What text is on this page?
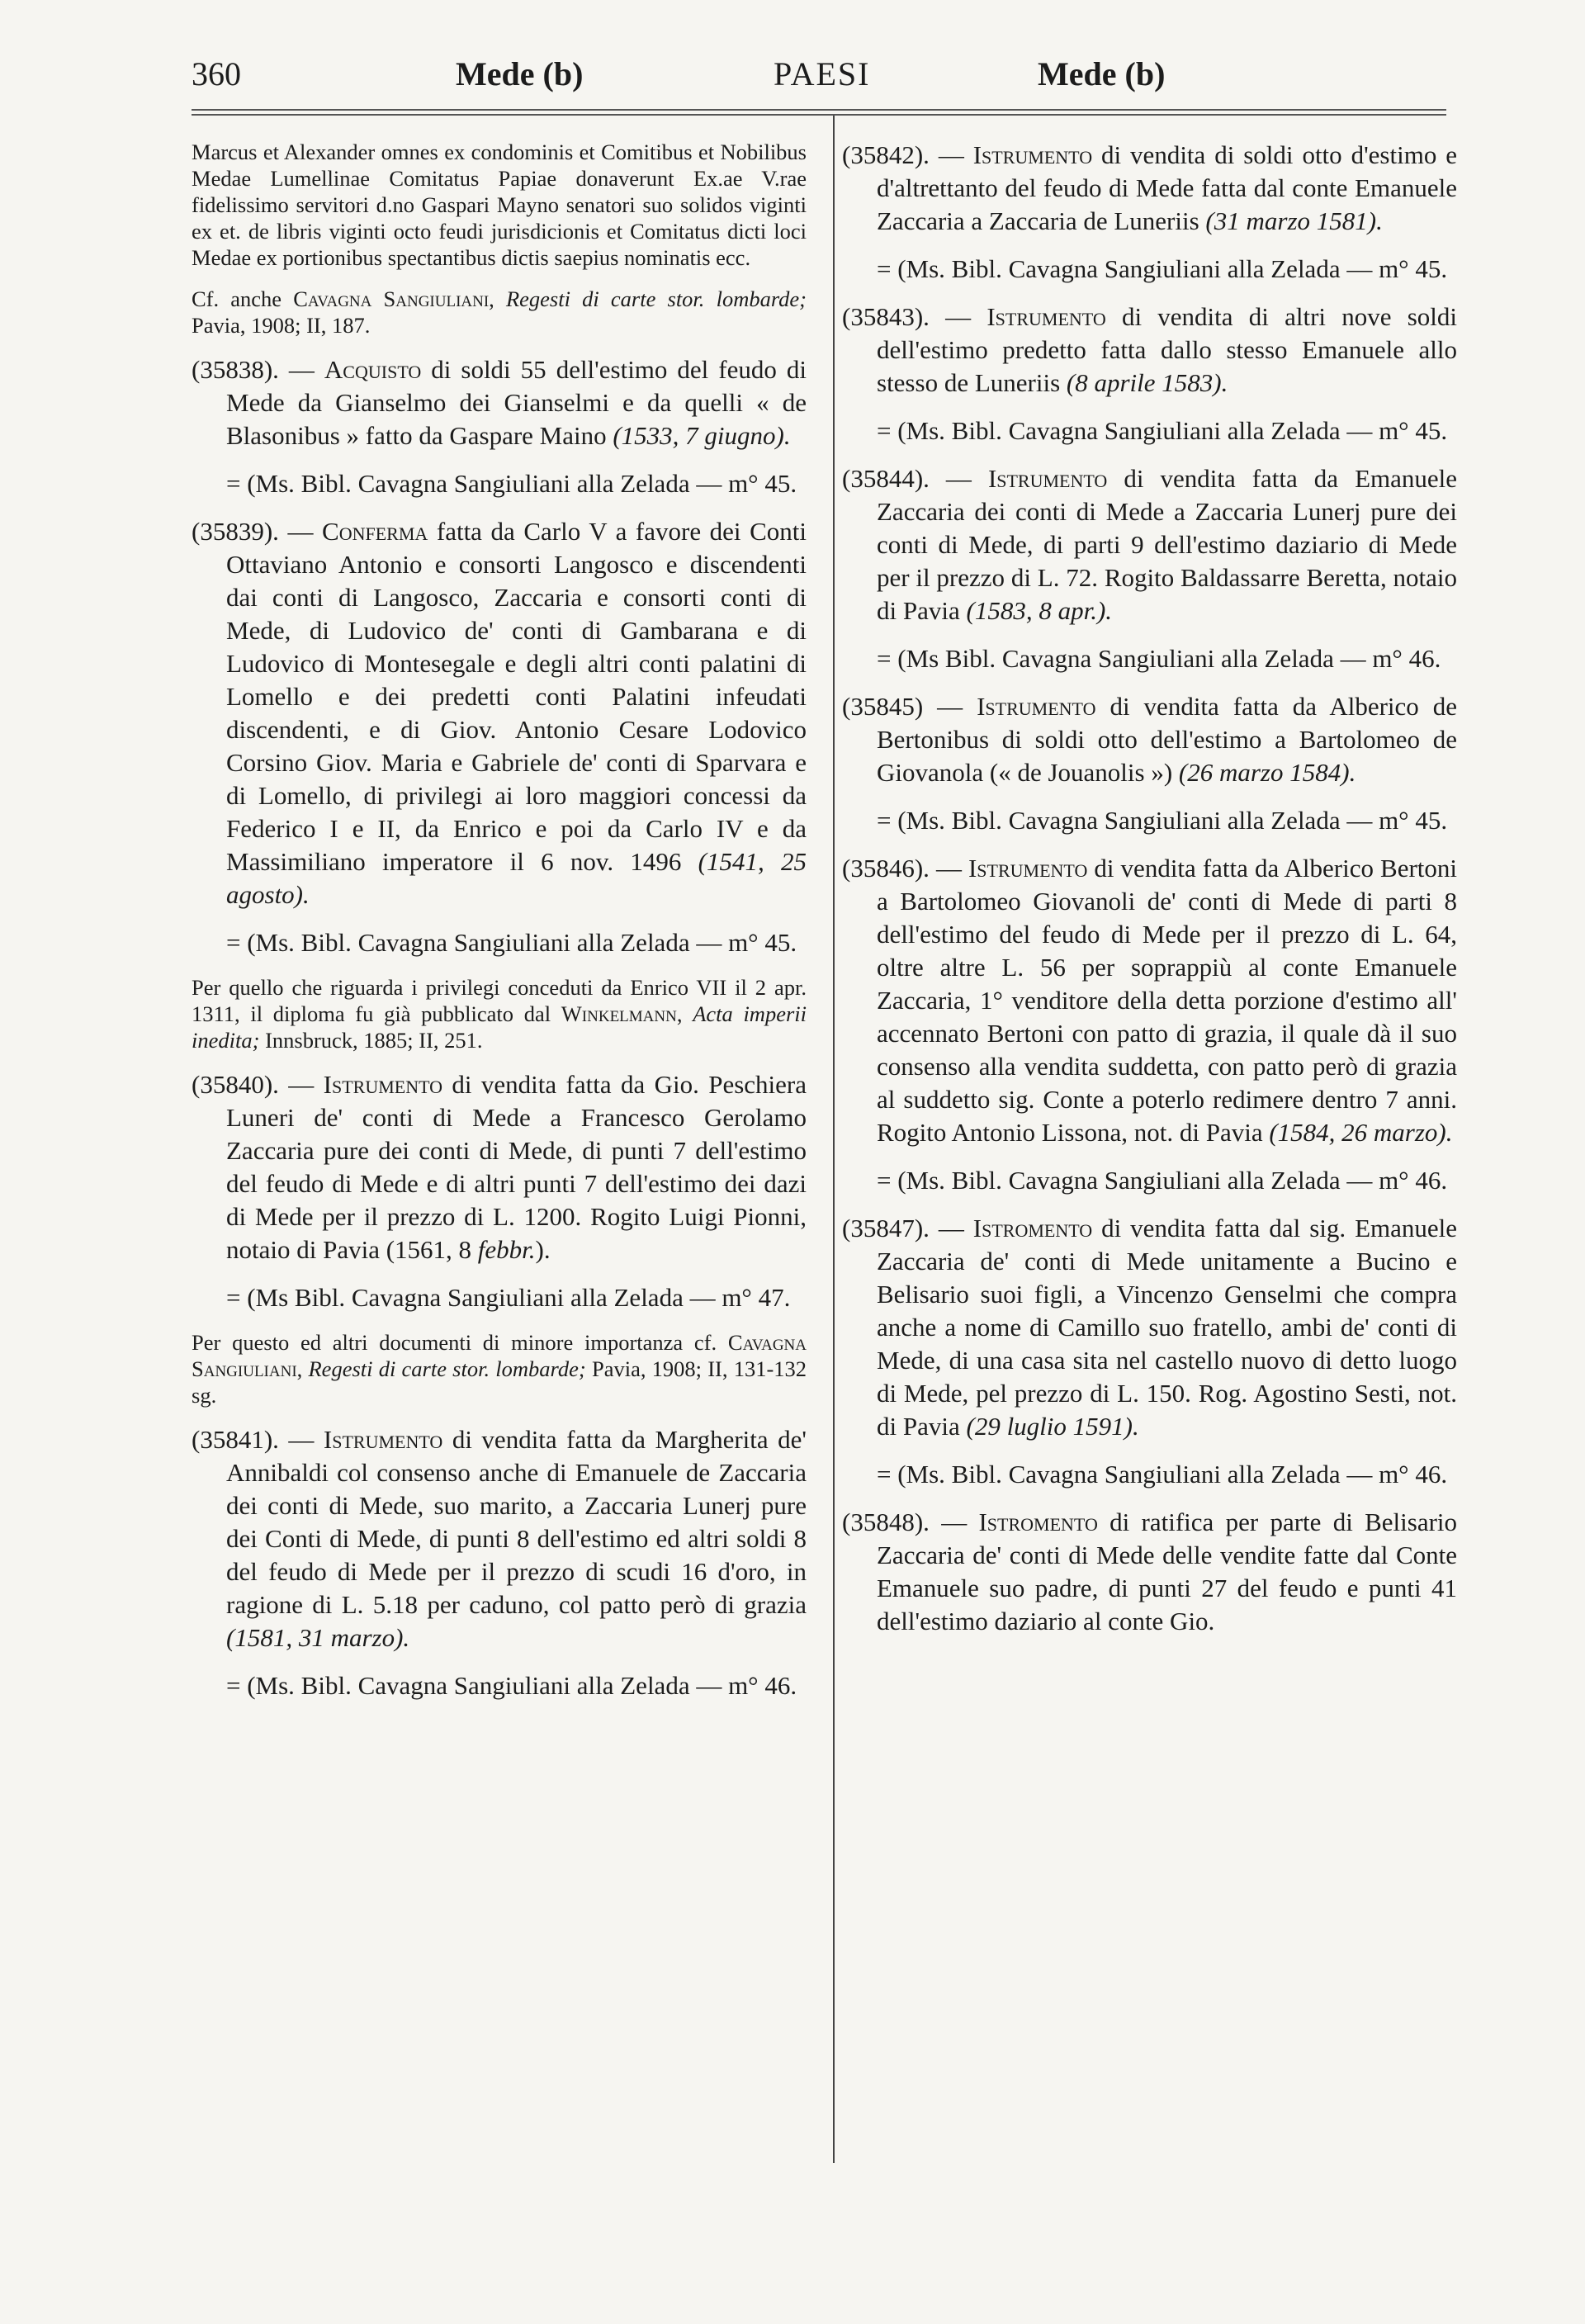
360	Mede (b)	PAESI	Mede (b)

Marcus et Alexander omnes ex condominis et Comitibus et Nobilibus Medae Lumellinae Comitatus Papiae donaverunt Ex.ae V.rae fidelissimo servitori d.no Gaspari Mayno senatori suo solidos viginti ex et. de libris viginti octo feudi jurisdicionis et Comitatus dicti loci Medae ex portionibus spectantibus dictis saepius nominatis ecc.

Cf. anche Cavagna Sangiuliani, Regesti di carte stor. lombarde; Pavia, 1908; II, 187.

(35838). — Acquisto di soldi 55 dell'estimo del feudo di Mede da Gianselmo dei Gianselmi e da quelli « de Blasonibus » fatto da Gaspare Maino (1533, 7 giugno).

= (Ms. Bibl. Cavagna Sangiuliani alla Zelada — m° 45.

(35839). — Conferma fatta da Carlo V a favore dei Conti Ottaviano Antonio e consorti Langosco e discendenti dai conti di Langosco, Zaccaria e consorti conti di Mede, di Ludovico de' conti di Gambarana e di Ludovico di Montesegale e degli altri conti palatini di Lomello e dei predetti conti Palatini infeudati discendenti, e di Giov. Antonio Cesare Lodovico Corsino Giov. Maria e Gabriele de' conti di Sparvara e di Lomello, di privilegi ai loro maggiori concessi da Federico I e II, da Enrico e poi da Carlo IV e da Massimiliano imperatore il 6 nov. 1496 (1541, 25 agosto).

= (Ms. Bibl. Cavagna Sangiuliani alla Zelada — m° 45.

Per quello che riguarda i privilegi conceduti da Enrico VII il 2 apr. 1311, il diploma fu già pubblicato dal Winkelmann, Acta imperii inedita; Innsbruck, 1885; II, 251.

(35840). — Istrumento di vendita fatta da Gio. Peschiera Luneri de' conti di Mede a Francesco Gerolamo Zaccaria pure dei conti di Mede, di punti 7 dell'estimo del feudo di Mede e di altri punti 7 dell'estimo dei dazi di Mede per il prezzo di L. 1200. Rogito Luigi Pionni, notaio di Pavia (1561, 8 febbr.).

= (Ms Bibl. Cavagna Sangiuliani alla Zelada — m° 47.

Per questo ed altri documenti di minore importanza cf. Cavagna Sangiuliani, Regesti di carte stor. lombarde; Pavia, 1908; II, 131-132 sg.

(35841). — Istrumento di vendita fatta da Margherita de' Annibaldi col consenso anche di Emanuele de Zaccaria dei conti di Mede, suo marito, a Zaccaria Lunerj pure dei Conti di Mede, di punti 8 dell'estimo ed altri soldi 8 del feudo di Mede per il prezzo di scudi 16 d'oro, in ragione di L. 5.18 per caduno, col patto però di grazia (1581, 31 marzo).

= (Ms. Bibl. Cavagna Sangiuliani alla Zelada — m° 46.

(35842). — Istrumento di vendita di soldi otto d'estimo e d'altrettanto del feudo di Mede fatta dal conte Emanuele Zaccaria a Zaccaria de Luneriis (31 marzo 1581).

= (Ms. Bibl. Cavagna Sangiuliani alla Zelada — m° 45.

(35843). — Istrumento di vendita di altri nove soldi dell'estimo predetto fatta dallo stesso Emanuele allo stesso de Luneriis (8 aprile 1583).

= (Ms. Bibl. Cavagna Sangiuliani alla Zelada — m° 45.

(35844). — Istrumento di vendita fatta da Emanuele Zaccaria dei conti di Mede a Zaccaria Lunerj pure dei conti di Mede, di parti 9 dell'estimo daziario di Mede per il prezzo di L. 72. Rogito Baldassarre Beretta, notaio di Pavia (1583, 8 apr.).

= (Ms Bibl. Cavagna Sangiuliani alla Zelada — m° 46.

(35845) — Istrumento di vendita fatta da Alberico de Bertonibus di soldi otto dell'estimo a Bartolomeo de Giovanola (« de Jouanolis ») (26 marzo 1584).

= (Ms. Bibl. Cavagna Sangiuliani alla Zelada — m° 45.

(35846). — Istrumento di vendita fatta da Alberico Bertoni a Bartolomeo Giovanoli de' conti di Mede di parti 8 dell'estimo del feudo di Mede per il prezzo di L. 64, oltre altre L. 56 per soprappiù al conte Emanuele Zaccaria, 1° venditore della detta porzione d'estimo all' accennato Bertoni con patto di grazia, il quale dà il suo consenso alla vendita suddetta, con patto però di grazia al suddetto sig. Conte a poterlo redimere dentro 7 anni. Rogito Antonio Lissona, not. di Pavia (1584, 26 marzo).

= (Ms. Bibl. Cavagna Sangiuliani alla Zelada — m° 46.

(35847). — Istromento di vendita fatta dal sig. Emanuele Zaccaria de' conti di Mede unitamente a Bucino e Belisario suoi figli, a Vincenzo Genselmi che compra anche a nome di Camillo suo fratello, ambi de' conti di Mede, di una casa sita nel castello nuovo di detto luogo di Mede, pel prezzo di L. 150. Rog. Agostino Sesti, not. di Pavia (29 luglio 1591).

= (Ms. Bibl. Cavagna Sangiuliani alla Zelada — m° 46.

(35848). — Istromento di ratifica per parte di Belisario Zaccaria de' conti di Mede delle vendite fatte dal Conte Emanuele suo padre, di punti 27 del feudo e punti 41 dell'estimo daziario al conte Gio.
